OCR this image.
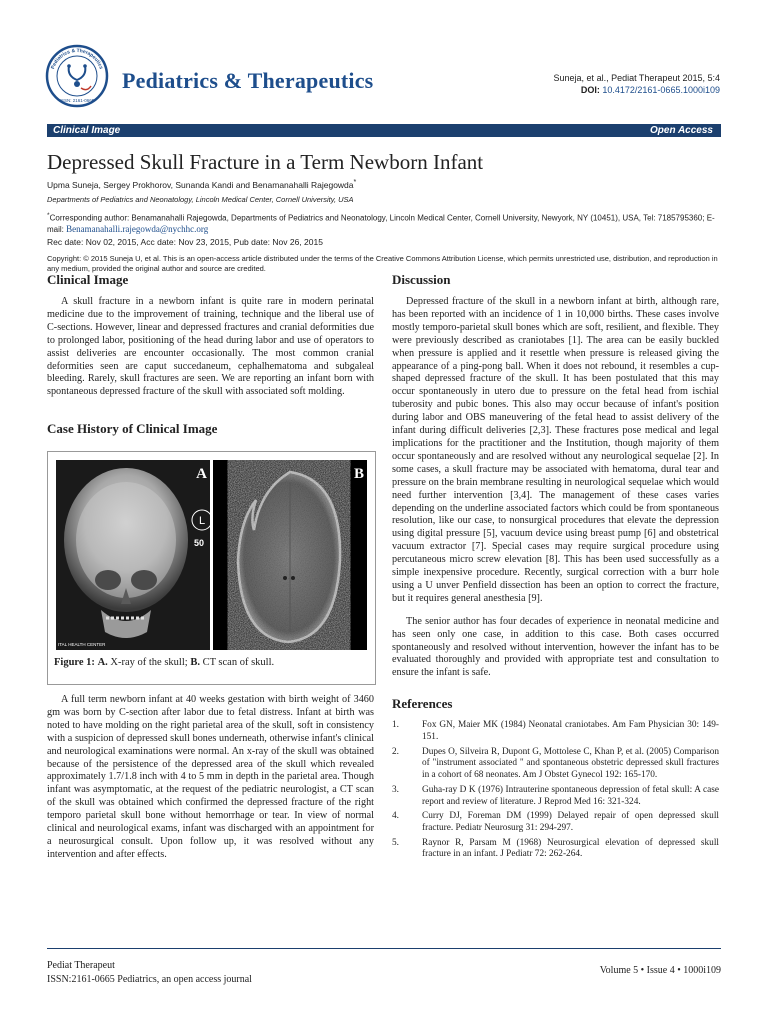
ISSN: 2161-0665
Pediatrics & Therapeutics
Pediatrics & Therapeutics	Suneja, et al., Pediat Therapeut 2015, 5:4
DOI: 10.4172/2161-0665.1000i109
Clinical Image	Open Access
Depressed Skull Fracture in a Term Newborn Infant
Upma Suneja, Sergey Prokhorov, Sunanda Kandi and Benamanahalli Rajegowda*
Departments of Pediatrics and Neonatology, Lincoln Medical Center, Cornell University, USA
*Corresponding author: Benamanahalli Rajegowda, Departments of Pediatrics and Neonatology, Lincoln Medical Center, Cornell University, Newyork, NY (10451), USA, Tel: 7185795360; E-mail: Benamanahalli.rajegowda@nychhc.org
Rec date: Nov 02, 2015, Acc date: Nov 23, 2015, Pub date: Nov 26, 2015
Copyright: © 2015 Suneja U, et al. This is an open-access article distributed under the terms of the Creative Commons Attribution License, which permits unrestricted use, distribution, and reproduction in any medium, provided the original author and source are credited.
Clinical Image

A skull fracture in a newborn infant is quite rare in modern perinatal medicine due to the improvement of training, technique and the liberal use of C-sections. However, linear and depressed fractures and cranial deformities due to prolonged labor, positioning of the head during labor and use of operators to assist deliveries are encounter occasionally. The most common cranial deformities seen are caput succedaneum, cephalhematoma and subgaleal bleeding. Rarely, skull fractures are seen. We are reporting an infant born with spontaneous depressed fracture of the skull with associated soft molding.

Case History of Clinical Image
L
50
ITAL HEALTH CENTER
A	B
Figure 1: A. X-ray of the skull; B. CT scan of skull.

A full term newborn infant at 40 weeks gestation with birth weight of 3460 gm was born by C-section after labor due to fetal distress. Infant at birth was noted to have molding on the right parietal area of the skull, soft in consistency with a suspicion of depressed skull bones underneath, otherwise infant's clinical and neurological examinations were normal. An x-ray of the skull was obtained because of the persistence of the depressed area of the skull which revealed approximately 1.7/1.8 inch with 4 to 5 mm in depth in the parietal area. Though infant was asymptomatic, at the request of the pediatric neurologist, a CT scan of the skull was obtained which confirmed the depressed fracture of the right temporo parietal skull bone without hemorrhage or tear. In view of normal clinical and neurological exams, infant was discharged with an appointment for a neurosurgical consult. Upon follow up, it was resolved without any intervention and after effects.

Discussion

Depressed fracture of the skull in a newborn infant at birth, although rare, has been reported with an incidence of 1 in 10,000 births. These cases involve mostly temporo-parietal skull bones which are soft, resilient, and flexible. They were previously described as craniotabes [1]. The area can be easily buckled when pressure is applied and it resettle when pressure is released giving the appearance of a ping-pong ball. When it does not rebound, it resembles a cup-shaped depressed fracture of the skull. It has been postulated that this may occur spontaneously in utero due to pressure on the fetal head from ischial tuberosity and pubic bones. This also may occur because of infant's position during labor and OBS maneuvering of the fetal head to assist delivery of the infant during difficult deliveries [2,3]. These fractures pose medical and legal implications for the practitioner and the Institution, though majority of them occur spontaneously and are resolved without any neurological sequelae [2]. In some cases, a skull fracture may be associated with hematoma, dural tear and pressure on the brain membrane resulting in neurological sequelae which would need further intervention [3,4]. The management of these cases varies depending on the underline associated factors which could be from spontaneous resolution, like our case, to nonsurgical procedures that elevate the depression using digital pressure [5], vacuum device using breast pump [6] and obstetrical vacuum extractor [7]. Special cases may require surgical procedure using percutaneous micro screw elevation [8]. This has been used successfully as a simple inexpensive procedure. Recently, surgical correction with a burr hole using a U unver Penfield dissection has been an option to correct the fracture, but it requires general anesthesia [9].

The senior author has four decades of experience in neonatal medicine and has seen only one case, in addition to this case. Both cases occurred spontaneously and resolved without intervention, however the infant has to be evaluated thoroughly and provided with appropriate test and consultation to ensure the infant is safe.

References
1. Fox GN, Maier MK (1984) Neonatal craniotabes. Am Fam Physician 30: 149-151.
2. Dupes O, Silveira R, Dupont G, Mottolese C, Khan P, et al. (2005) Comparison of "instrument associated " and spontaneous obstetric depressed skull fractures in a cohort of 68 neonates. Am J Obstet Gynecol 192: 165-170.
3. Guha-ray D K (1976) Intrauterine spontaneous depression of fetal skull: A case report and review of literature. J Reprod Med 16: 321-324.
4. Curry DJ, Foreman DM (1999) Delayed repair of open depressed skull fracture. Pediatr Neurosurg 31: 294-297.
5. Raynor R, Parsam M (1968) Neurosurgical elevation of depressed skull fracture in an infant. J Pediatr 72: 262-264.
Pediat Therapeut
ISSN:2161-0665 Pediatrics, an open access journal
Volume 5 • Issue 4 • 1000i109
